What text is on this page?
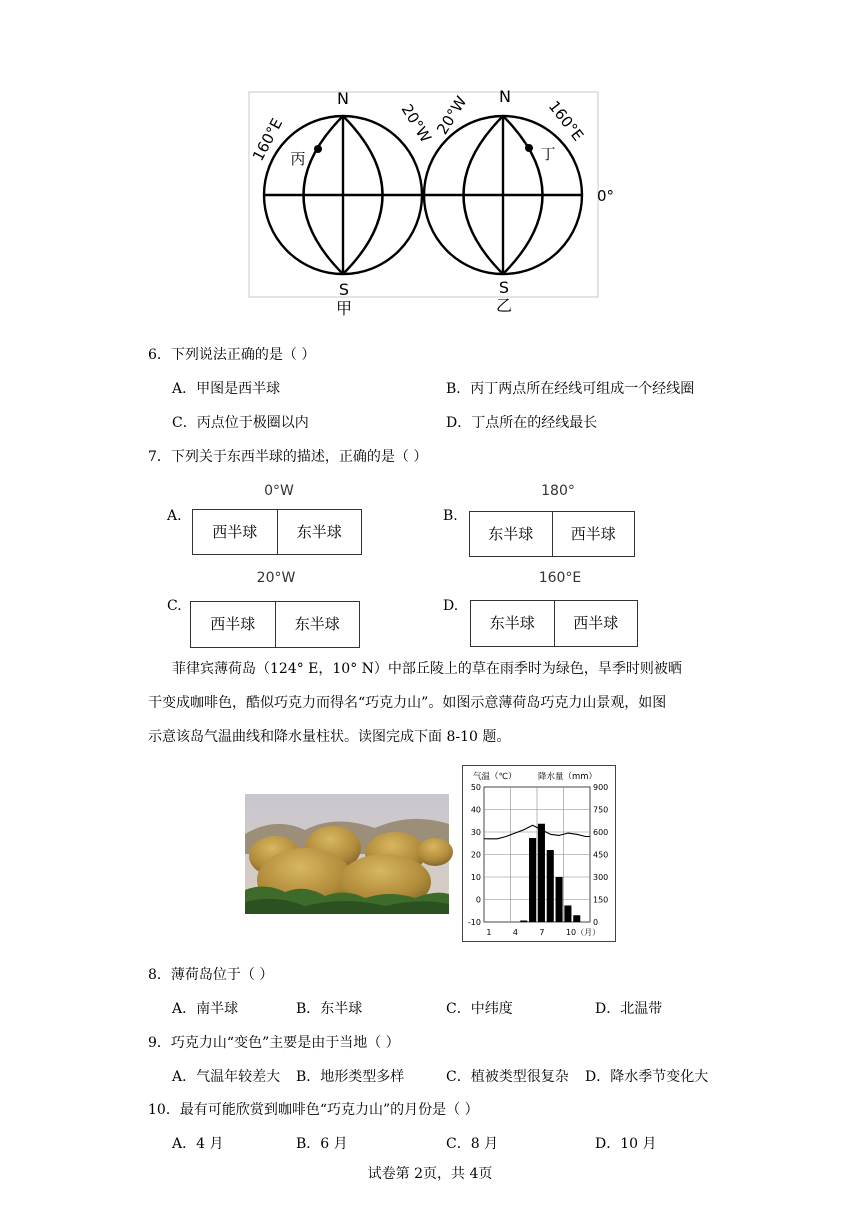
N	N
S	S
甲	乙
160°E	20°W
20°W	160°E
0°
丙	丁
6．下列说法正确的是（ ）
A．甲图是西半球	B．丙丁两点所在经线可组成一个经线圈
C．丙点位于极圈以内	D．丁点所在的经线最长
7．下列关于东西半球的描述，正确的是（ ）
A.
0°W
西半球	东半球
B.
180°
东半球	西半球
C.
20°W
西半球	东半球
D.
160°E
东半球	西半球
菲律宾薄荷岛（124° E，10° N）中部丘陵上的草在雨季时为绿色，旱季时则被晒
干变成咖啡色，酷似巧克力而得名“巧克力山”。如图示意薄荷岛巧克力山景观，如图
示意该岛气温曲线和降水量柱状。读图完成下面 8-10 题。
气温（℃）	降水量（mm）
50	900
40	750
30	600
20	450
10	300
0	150
-10	0
1	4	7	10（月）
8．薄荷岛位于（ ）
A．南半球	B．东半球	C．中纬度	D．北温带
9．巧克力山“变色”主要是由于当地（ ）
A．气温年较差大 B．地形类型多样	C．植被类型很复杂 D．降水季节变化大
10．最有可能欣赏到咖啡色“巧克力山”的月份是（ ）
A．4 月	B．6 月	C．8 月	D．10 月
试卷第 2页，共 4页
